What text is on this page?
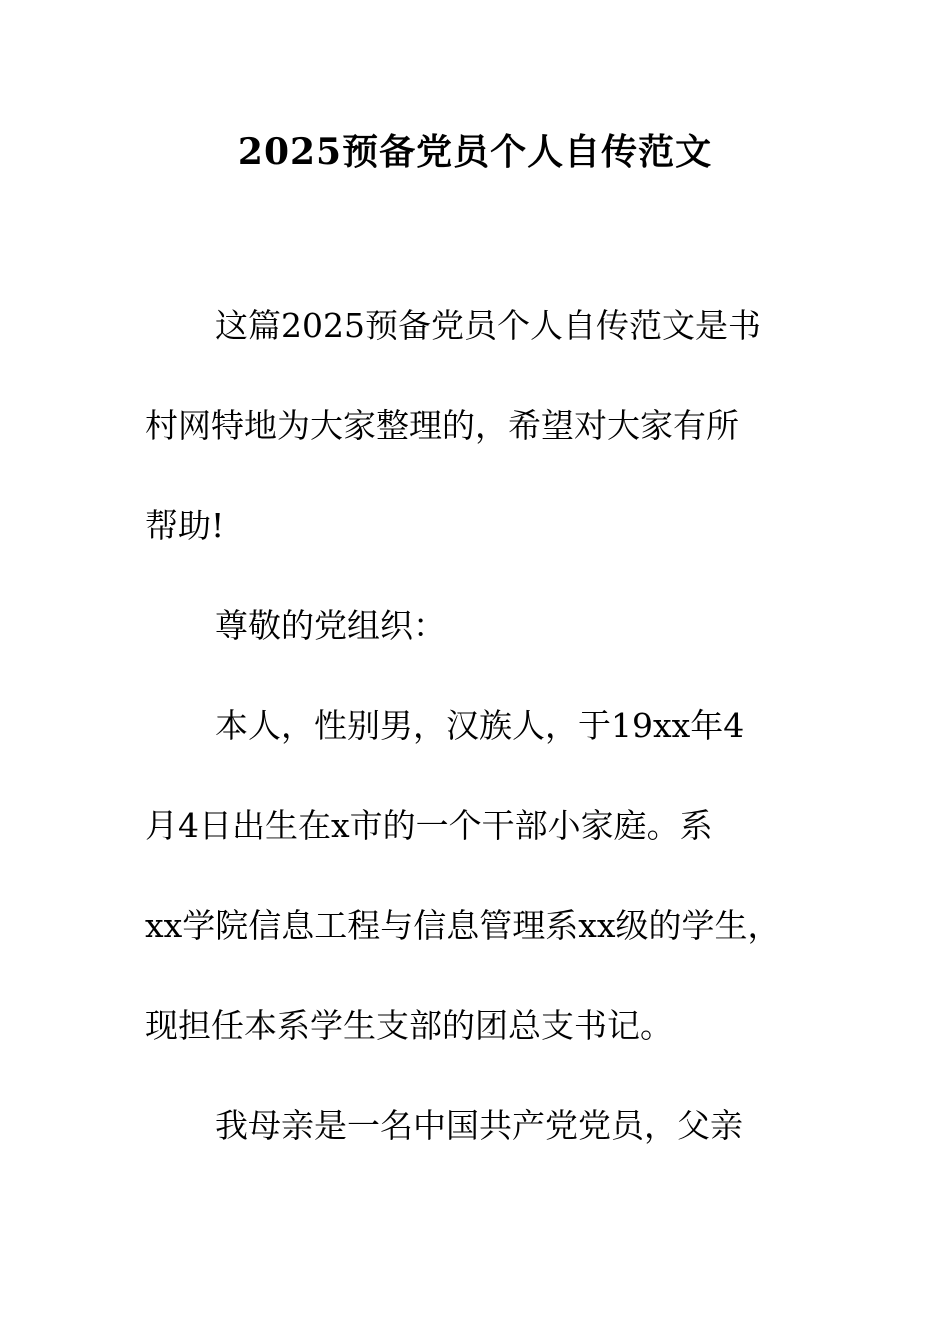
2025预备党员个人自传范文
这篇2025预备党员个人自传范文是书
村网特地为大家整理的，希望对大家有所
帮助!
尊敬的党组织：
本人，性别男，汉族人，于19xx年4
月4日出生在x市的一个干部小家庭。系
xx学院信息工程与信息管理系xx级的学生，
现担任本系学生支部的团总支书记。
我母亲是一名中国共产党党员，父亲
